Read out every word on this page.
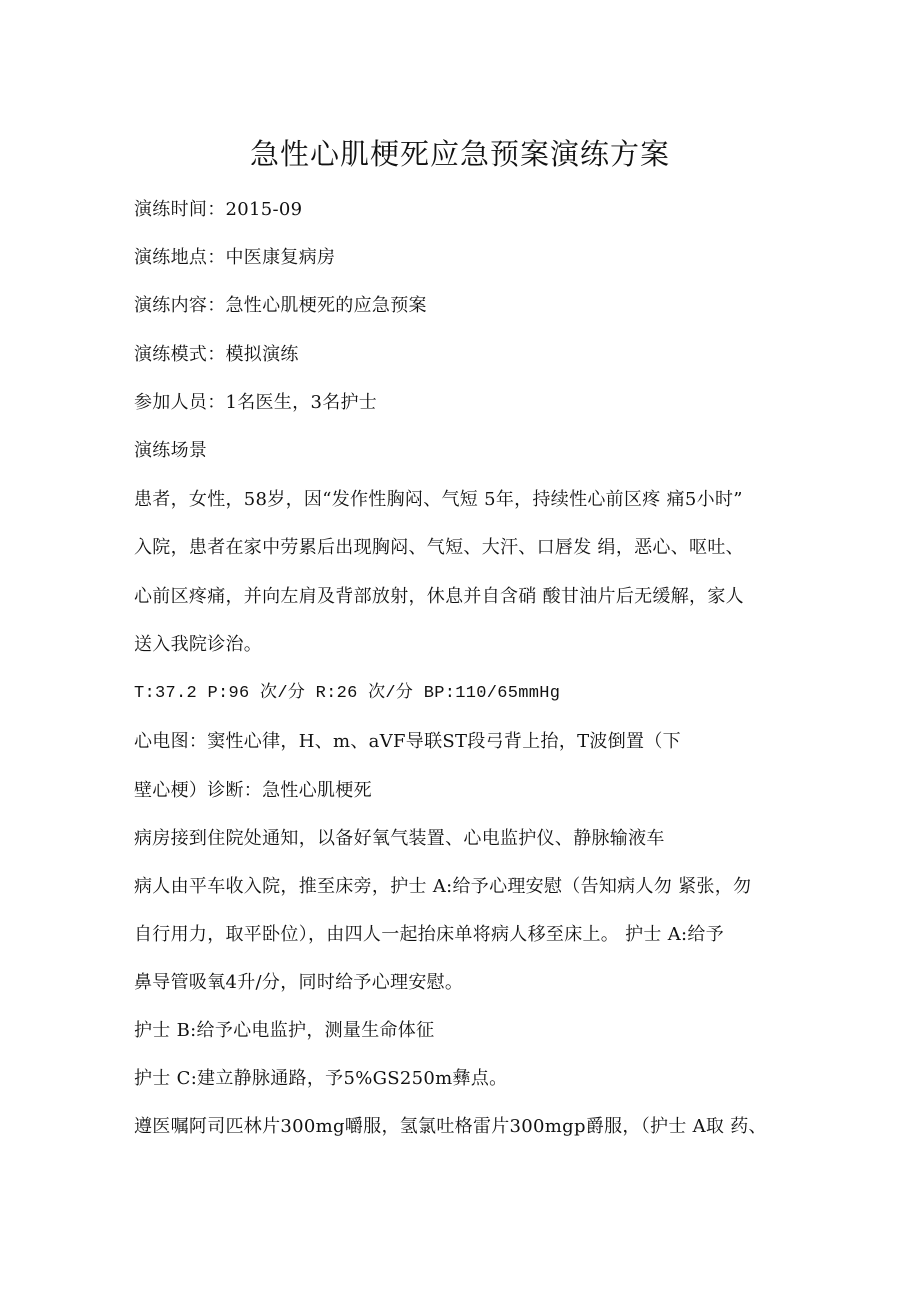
急性心肌梗死应急预案演练方案

演练时间：2015-09

演练地点：中医康复病房

演练内容：急性心肌梗死的应急预案

演练模式：模拟演练

参加人员：1名医生，3名护士

演练场景

患者，女性，58岁，因“发作性胸闷、气短 5年，持续性心前区疼 痛5小时”

入院，患者在家中劳累后出现胸闷、气短、大汗、口唇发 绢，恶心、呕吐、

心前区疼痛，并向左肩及背部放射，休息并自含硝 酸甘油片后无缓解，家人

送入我院诊治。

T:37.2 P:96 次/分 R:26 次/分 BP:110/65mmHg

心电图：窦性心律，H、m、aVF导联ST段弓背上抬，T波倒置（下

壁心梗）诊断：急性心肌梗死

病房接到住院处通知，以备好氧气装置、心电监护仪、静脉输液车

病人由平车收入院，推至床旁，护士 A:给予心理安慰（告知病人勿 紧张，勿

自行用力，取平卧位），由四人一起抬床单将病人移至床上。 护士 A:给予

鼻导管吸氧4升/分，同时给予心理安慰。

护士 B:给予心电监护，测量生命体征

护士 C:建立静脉通路，予5%GS250m彝点。

遵医嘱阿司匹林片300mg嚼服，氢氯吐格雷片300mgp爵服，（护士 A取 药、
